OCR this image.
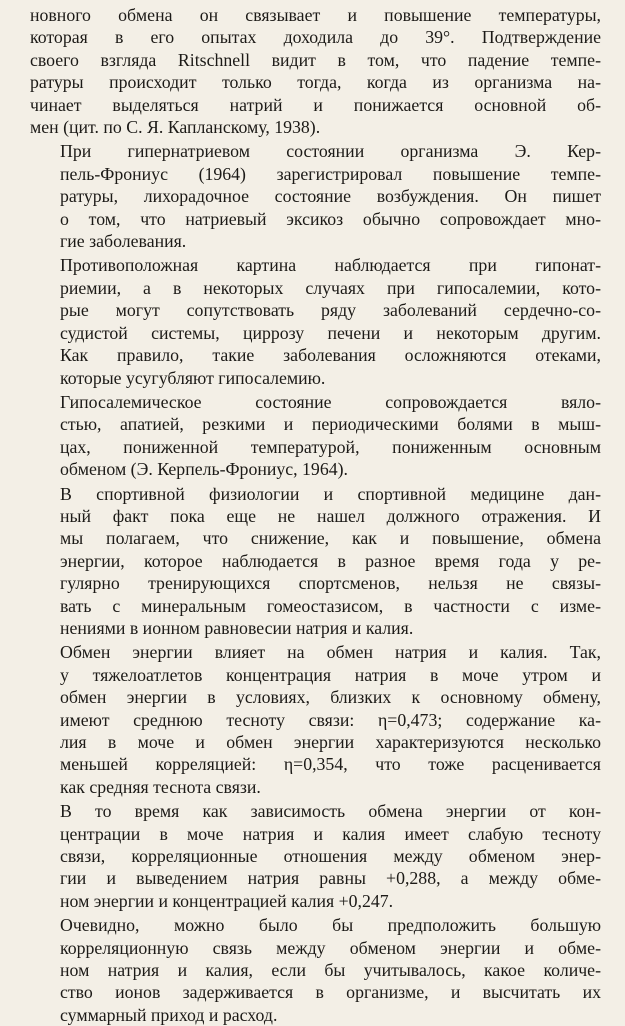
новного обмена он связывает и повышение температуры,
которая в его опытах доходила до 39°. Подтверждение
своего взгляда Ritschnell видит в том, что падение темпе-
ратуры происходит только тогда, когда из организма на-
чинает выделяться натрий и понижается основной об-
мен (цит. по С. Я. Капланскому, 1938).

При гипернатриевом состоянии организма Э. Кер-
пель-Фрониус (1964) зарегистрировал повышение темпе-
ратуры, лихорадочное состояние возбуждения. Он пишет
о том, что натриевый эксикоз обычно сопровождает мно-
гие заболевания.

Противоположная картина наблюдается при гипонат-
риемии, а в некоторых случаях при гипосалемии, кото-
рые могут сопутствовать ряду заболеваний сердечно-со-
судистой системы, циррозу печени и некоторым другим.
Как правило, такие заболевания осложняются отеками,
которые усугубляют гипосалемию.

Гипосалемическое состояние сопровождается вяло-
стью, апатией, резкими и периодическими болями в мыш-
цах, пониженной температурой, пониженным основным
обменом (Э. Керпель-Фрониус, 1964).

В спортивной физиологии и спортивной медицине дан-
ный факт пока еще не нашел должного отражения. И
мы полагаем, что снижение, как и повышение, обмена
энергии, которое наблюдается в разное время года у ре-
гулярно тренирующихся спортсменов, нельзя не связы-
вать с минеральным гомеостазисом, в частности с изме-
нениями в ионном равновесии натрия и калия.

Обмен энергии влияет на обмен натрия и калия. Так,
у тяжелоатлетов концентрация натрия в моче утром и
обмен энергии в условиях, близких к основному обмену,
имеют среднюю тесноту связи: η=0,473; содержание ка-
лия в моче и обмен энергии характеризуются несколько
меньшей корреляцией: η=0,354, что тоже расценивается
как средняя теснота связи.

В то время как зависимость обмена энергии от кон-
центрации в моче натрия и калия имеет слабую тесноту
связи, корреляционные отношения между обменом энер-
гии и выведением натрия равны +0,288, а между обме-
ном энергии и концентрацией калия +0,247.

Очевидно, можно было бы предположить большую
корреляционную связь между обменом энергии и обме-
ном натрия и калия, если бы учитывалось, какое количе-
ство ионов задерживается в организме, и высчитать их
суммарный приход и расход.
